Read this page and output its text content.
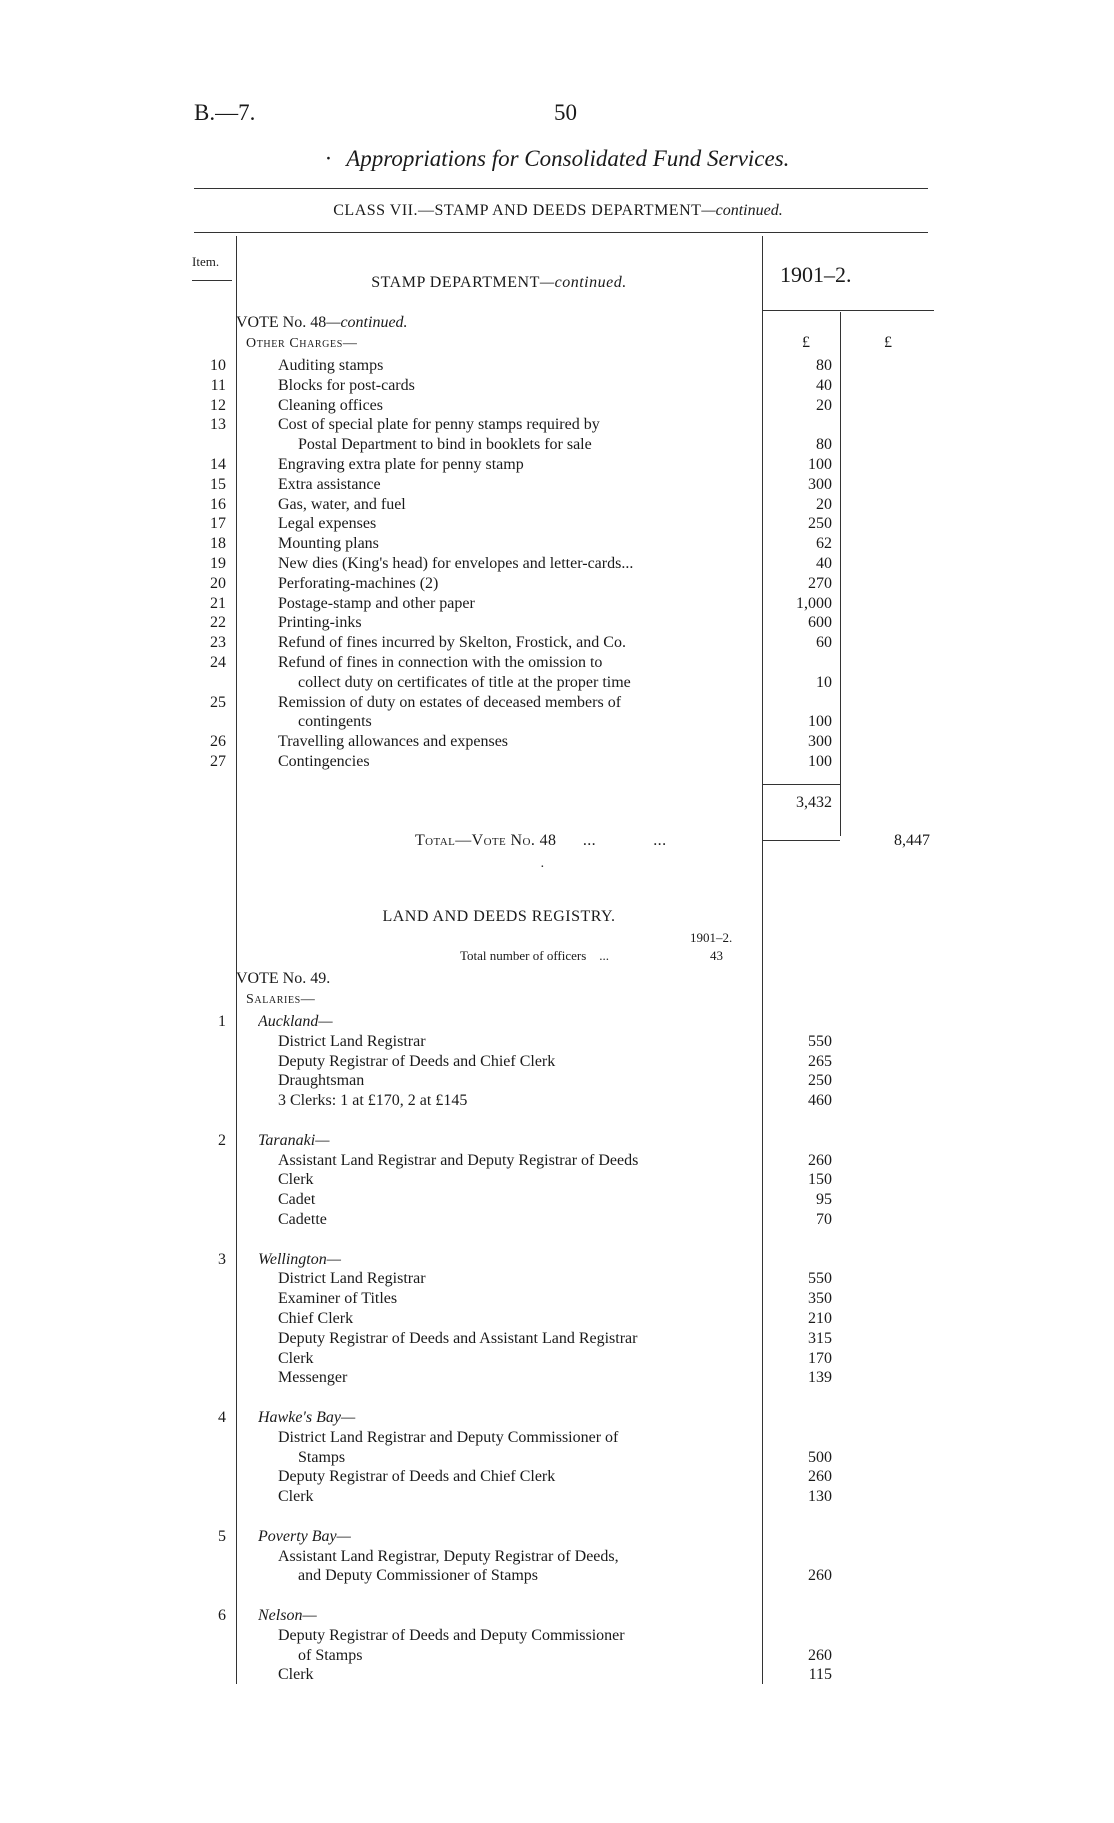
B.—7.	50
· Appropriations for Consolidated Fund Services.
CLASS VII.—STAMP AND DEEDS DEPARTMENT—continued.
Item.
1901–2.
£	£
STAMP DEPARTMENT—continued.
VOTE No. 48—continued.
Other Charges—
10	Auditing stamps	80
11	Blocks for post-cards	40
12	Cleaning offices	20
13	Cost of special plate for penny stamps required by
Postal Department to bind in booklets for sale	80
14	Engraving extra plate for penny stamp	100
15	Extra assistance	300
16	Gas, water, and fuel	20
17	Legal expenses	250
18	Mounting plans	62
19	New dies (King's head) for envelopes and letter-cards...	40
20	Perforating-machines (2)	270
21	Postage-stamp and other paper	1,000
22	Printing-inks	600
23	Refund of fines incurred by Skelton, Frostick, and Co.	60
24	Refund of fines in connection with the omission to
collect duty on certificates of title at the proper time	10
25	Remission of duty on estates of deceased members of
contingents	100
26	Travelling allowances and expenses	300
27	Contingencies	100
3,432
Total—Vote No. 48      ...             ...	8,447
·
LAND AND DEEDS REGISTRY.
1901–2.
Total number of officers    ...	43
VOTE No. 49.
Salaries—
1 Auckland—
District Land Registrar	550
Deputy Registrar of Deeds and Chief Clerk	265
Draughtsman	250
3 Clerks: 1 at £170, 2 at £145	460
2 Taranaki—
Assistant Land Registrar and Deputy Registrar of Deeds	260
Clerk	150
Cadet	95
Cadette	70
3 Wellington—
District Land Registrar	550
Examiner of Titles	350
Chief Clerk	210
Deputy Registrar of Deeds and Assistant Land Registrar	315
Clerk	170
Messenger	139
4 Hawke's Bay—
District Land Registrar and Deputy Commissioner of
Stamps	500
Deputy Registrar of Deeds and Chief Clerk	260
Clerk	130
5 Poverty Bay—
Assistant Land Registrar, Deputy Registrar of Deeds,
and Deputy Commissioner of Stamps	260
6 Nelson—
Deputy Registrar of Deeds and Deputy Commissioner
of Stamps	260
Clerk	115
